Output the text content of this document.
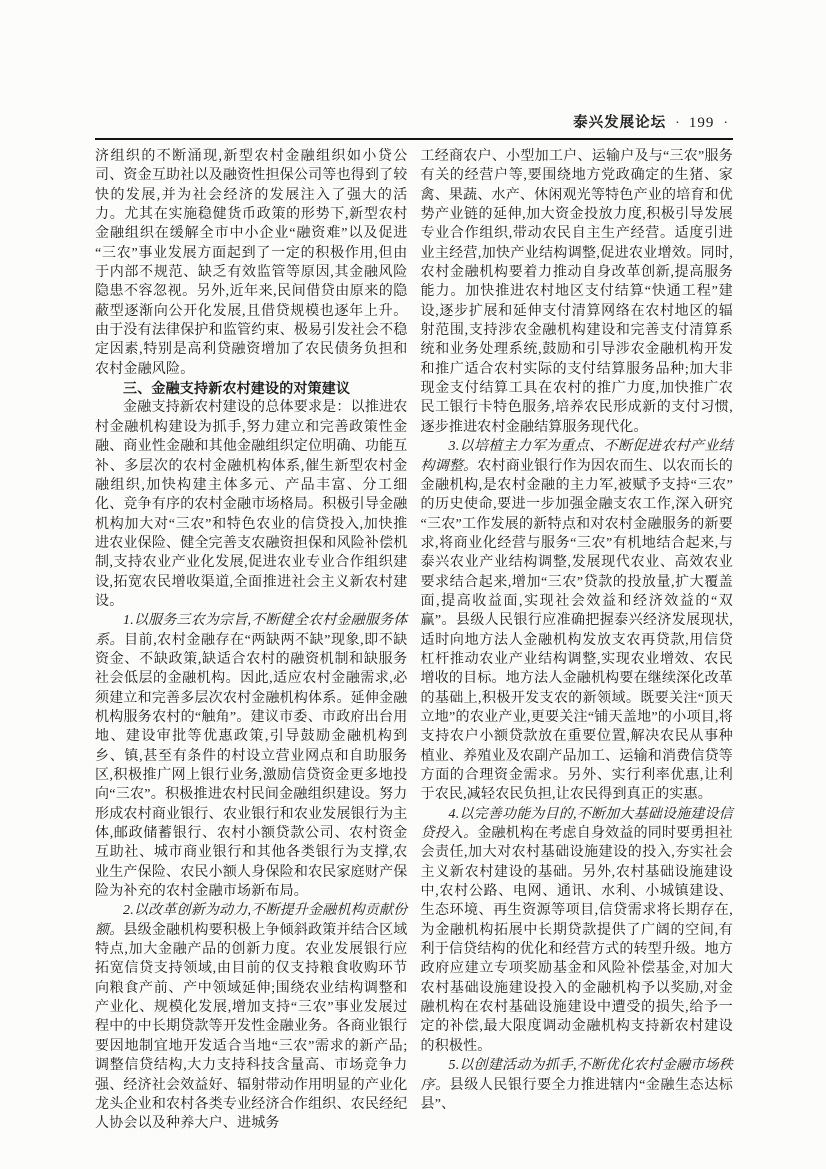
泰兴发展论坛 · 199 ·

济组织的不断涌现,新型农村金融组织如小贷公司、资金互助社以及融资性担保公司等也得到了较快的发展,并为社会经济的发展注入了强大的活力。尤其在实施稳健货币政策的形势下,新型农村金融组织在缓解全市中小企业“融资难”以及促进“三农”事业发展方面起到了一定的积极作用,但由于内部不规范、缺乏有效监管等原因,其金融风险隐患不容忽视。另外,近年来,民间借贷由原来的隐蔽型逐渐向公开化发展,且借贷规模也逐年上升。由于没有法律保护和监管约束、极易引发社会不稳定因素,特别是高利贷融资增加了农民债务负担和农村金融风险。

三、金融支持新农村建设的对策建议

金融支持新农村建设的总体要求是：以推进农村金融机构建设为抓手,努力建立和完善政策性金融、商业性金融和其他金融组织定位明确、功能互补、多层次的农村金融机构体系,催生新型农村金融组织,加快构建主体多元、产品丰富、分工细化、竞争有序的农村金融市场格局。积极引导金融机构加大对“三农”和特色农业的信贷投入,加快推进农业保险、健全完善支农融资担保和风险补偿机制,支持农业产业化发展,促进农业专业合作组织建设,拓宽农民增收渠道,全面推进社会主义新农村建设。

1.以服务三农为宗旨,不断健全农村金融服务体系。目前,农村金融存在“两缺两不缺”现象,即不缺资金、不缺政策,缺适合农村的融资机制和缺服务社会低层的金融机构。因此,适应农村金融需求,必须建立和完善多层次农村金融机构体系。延伸金融机构服务农村的“触角”。建议市委、市政府出台用地、建设审批等优惠政策,引导鼓励金融机构到乡、镇,甚至有条件的村设立营业网点和自助服务区,积极推广网上银行业务,激励信贷资金更多地投向“三农”。积极推进农村民间金融组织建设。努力形成农村商业银行、农业银行和农业发展银行为主体,邮政储蓄银行、农村小额贷款公司、农村资金互助社、城市商业银行和其他各类银行为支撑,农业生产保险、农民小额人身保险和农民家庭财产保险为补充的农村金融市场新布局。

2.以改革创新为动力,不断提升金融机构贡献份额。县级金融机构要积极上争倾斜政策并结合区域特点,加大金融产品的创新力度。农业发展银行应拓宽信贷支持领域,由目前的仅支持粮食收购环节向粮食产前、产中领域延伸;围绕农业结构调整和产业化、规模化发展,增加支持“三农”事业发展过程中的中长期贷款等开发性金融业务。各商业银行要因地制宜地开发适合当地“三农”需求的新产品;调整信贷结构,大力支持科技含量高、市场竞争力强、经济社会效益好、辐射带动作用明显的产业化龙头企业和农村各类专业经济合作组织、农民经纪人协会以及种养大户、进城务

工经商农户、小型加工户、运输户及与“三农”服务有关的经营户等,要围绕地方党政确定的生猪、家禽、果蔬、水产、休闲观光等特色产业的培育和优势产业链的延伸,加大资金投放力度,积极引导发展专业合作组织,带动农民自主生产经营。适度引进业主经营,加快产业结构调整,促进农业增效。同时,农村金融机构要着力推动自身改革创新,提高服务能力。加快推进农村地区支付结算“快通工程”建设,逐步扩展和延伸支付清算网络在农村地区的辐射范围,支持涉农金融机构建设和完善支付清算系统和业务处理系统,鼓励和引导涉农金融机构开发和推广适合农村实际的支付结算服务品种;加大非现金支付结算工具在农村的推广力度,加快推广农民工银行卡特色服务,培养农民形成新的支付习惯,逐步推进农村金融结算服务现代化。

3.以培植主力军为重点、不断促进农村产业结构调整。农村商业银行作为因农而生、以农而长的金融机构,是农村金融的主力军,被赋予支持“三农”的历史使命,要进一步加强金融支农工作,深入研究“三农”工作发展的新特点和对农村金融服务的新要求,将商业化经营与服务“三农”有机地结合起来,与泰兴农业产业结构调整,发展现代农业、高效农业要求结合起来,增加“三农”贷款的投放量,扩大覆盖面,提高收益面,实现社会效益和经济效益的“双赢”。县级人民银行应准确把握泰兴经济发展现状,适时向地方法人金融机构发放支农再贷款,用信贷杠杆推动农业产业结构调整,实现农业增效、农民增收的目标。地方法人金融机构要在继续深化改革的基础上,积极开发支农的新领域。既要关注“顶天立地”的农业产业,更要关注“铺天盖地”的小项目,将支持农户小额贷款放在重要位置,解决农民从事种植业、养殖业及农副产品加工、运输和消费信贷等方面的合理资金需求。另外、实行利率优惠,让利于农民,减轻农民负担,让农民得到真正的实惠。

4.以完善功能为目的,不断加大基础设施建设信贷投入。金融机构在考虑自身效益的同时要勇担社会责任,加大对农村基础设施建设的投入,夯实社会主义新农村建设的基础。另外,农村基础设施建设中,农村公路、电网、通讯、水利、小城镇建设、生态环境、再生资源等项目,信贷需求将长期存在,为金融机构拓展中长期贷款提供了广阔的空间,有利于信贷结构的优化和经营方式的转型升级。地方政府应建立专项奖励基金和风险补偿基金,对加大农村基础设施建设投入的金融机构予以奖励,对金融机构在农村基础设施建设中遭受的损失,给予一定的补偿,最大限度调动金融机构支持新农村建设的积极性。

5.以创建活动为抓手,不断优化农村金融市场秩序。县级人民银行要全力推进辖内“金融生态达标县”、
